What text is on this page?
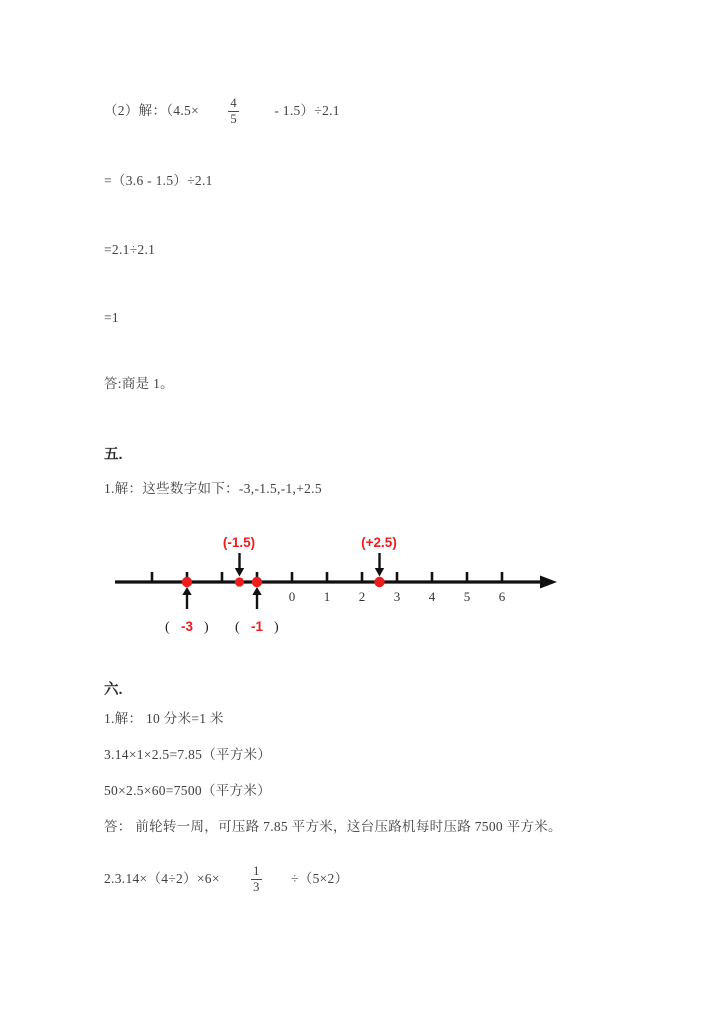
（2）解：（$4.5\times \frac{4}{5}$	- 1.5）÷2.1
=（3.6 - 1.5）÷2.1
=2.1÷2.1
=1
答:商是 1。
五.
1.解：这些数字如下：-3,-1.5,-1,+2.5
0 1 2 3 4 5 6
(-1.5)	(+2.5)
( -3 ) ( -1 )
六.
1.解： 10 分米=1 米
3.14×1×2.5=7.85（平方米）
50×2.5×60=7500（平方米）
答： 前轮转一周，可压路 7.85 平方米，这台压路机每时压路 7500 平方米。
2.3.14×（4÷2）×6×	$\frac{1}{3} \div(5\times 2)$
